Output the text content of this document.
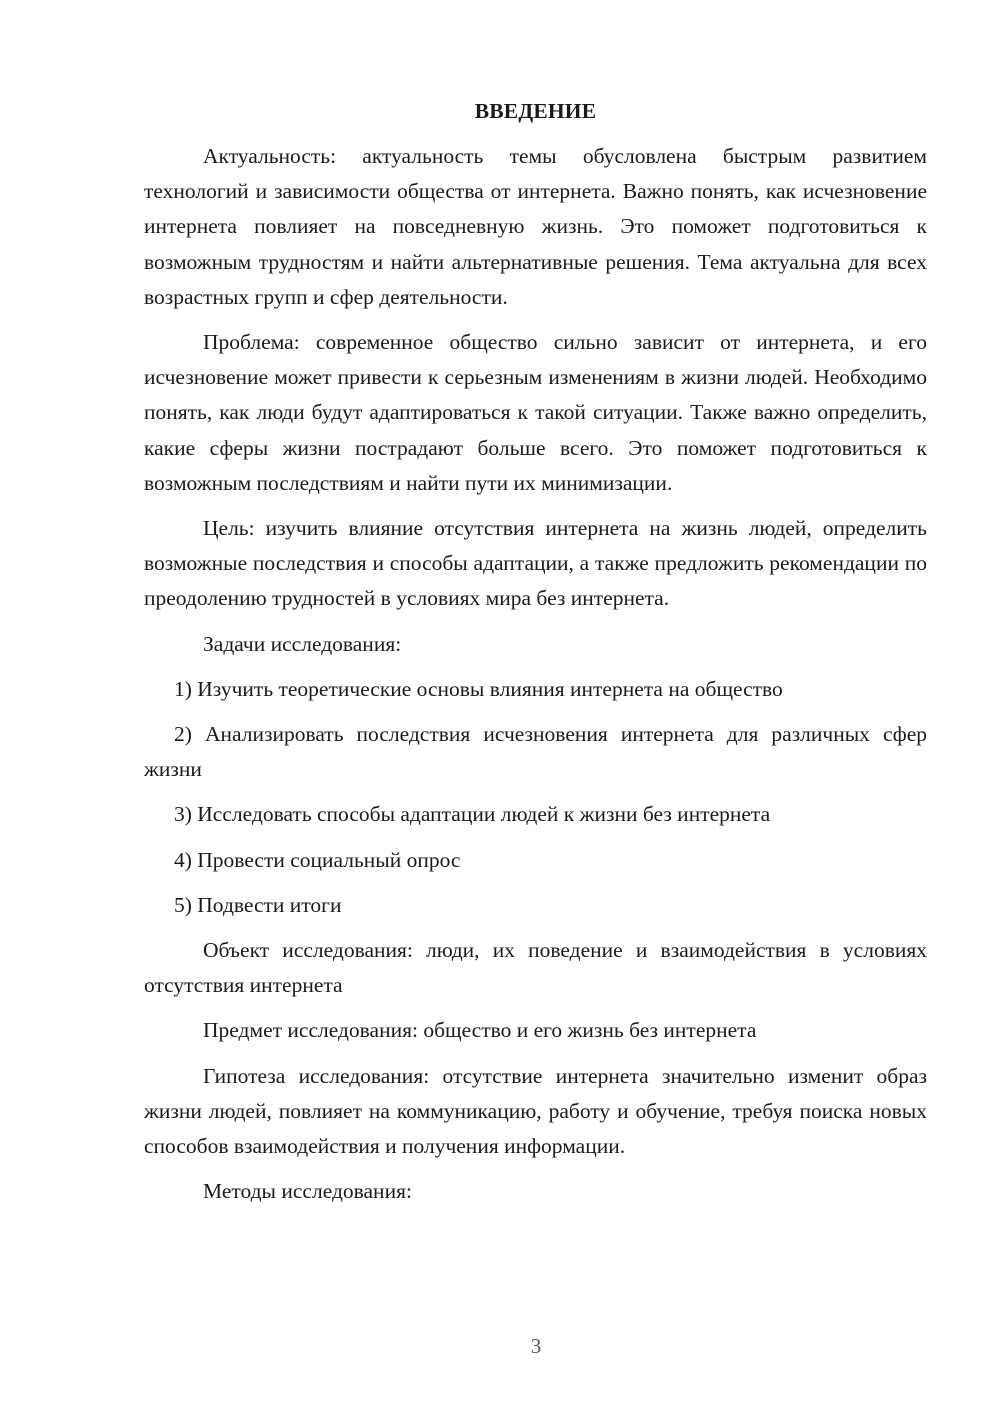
ВВЕДЕНИЕ

Актуальность: актуальность темы обусловлена быстрым развитием технологий и зависимости общества от интернета. Важно понять, как исчезновение интернета повлияет на повседневную жизнь. Это поможет подготовиться к возможным трудностям и найти альтернативные решения. Тема актуальна для всех возрастных групп и сфер деятельности.

Проблема: современное общество сильно зависит от интернета, и его исчезновение может привести к серьезным изменениям в жизни людей. Необходимо понять, как люди будут адаптироваться к такой ситуации. Также важно определить, какие сферы жизни пострадают больше всего. Это поможет подготовиться к возможным последствиям и найти пути их минимизации.

Цель: изучить влияние отсутствия интернета на жизнь людей, определить возможные последствия и способы адаптации, а также предложить рекомендации по преодолению трудностей в условиях мира без интернета.

Задачи исследования:

1) Изучить теоретические основы влияния интернета на общество

2) Анализировать последствия исчезновения интернета для различных сфер жизни

3) Исследовать способы адаптации людей к жизни без интернета

4) Провести социальный опрос

5) Подвести итоги

Объект исследования: люди, их поведение и взаимодействия в условиях отсутствия интернета

Предмет исследования: общество и его жизнь без интернета

Гипотеза исследования: отсутствие интернета значительно изменит образ жизни людей, повлияет на коммуникацию, работу и обучение, требуя поиска новых способов взаимодействия и получения информации.

Методы исследования:

3
